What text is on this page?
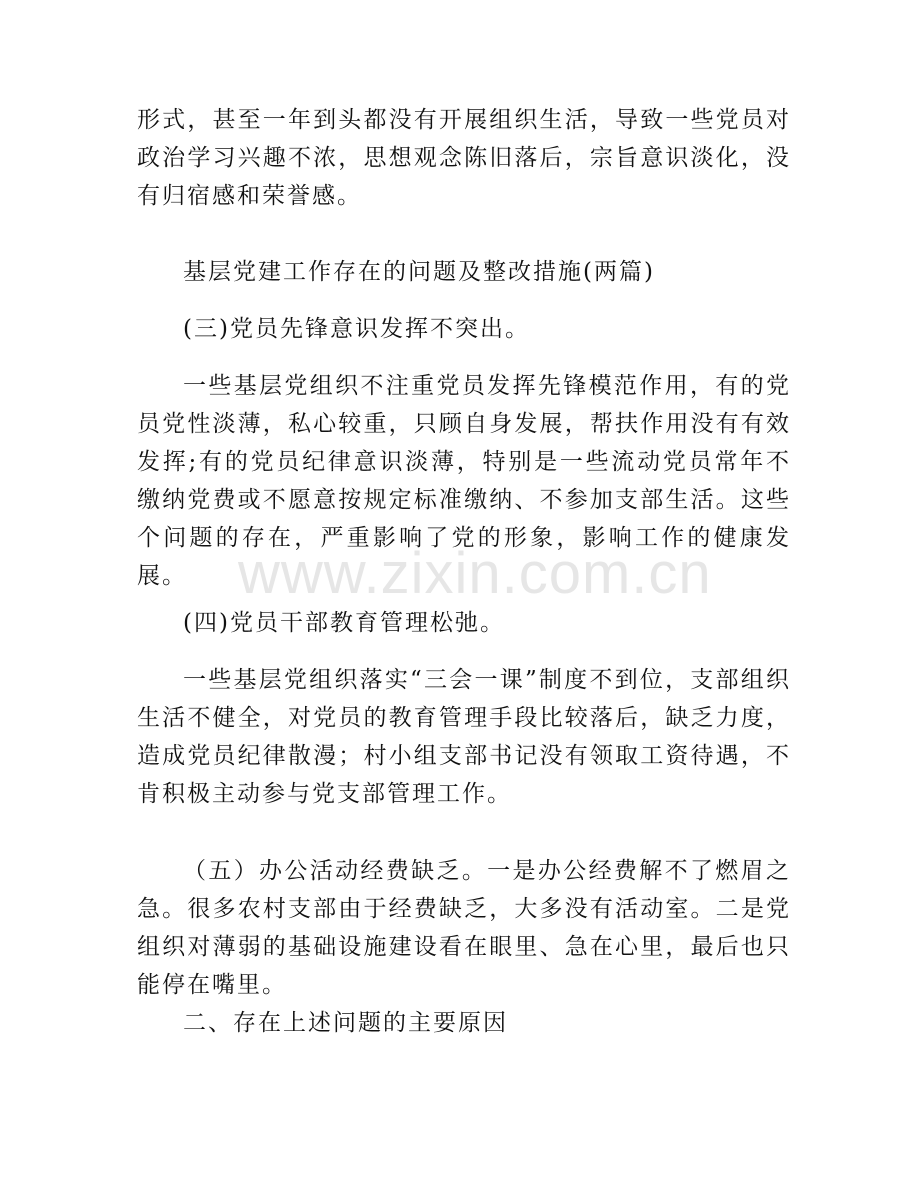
形式，甚至一年到头都没有开展组织生活，导致一些党员对政治学习兴趣不浓，思想观念陈旧落后，宗旨意识淡化，没有归宿感和荣誉感。

基层党建工作存在的问题及整改措施(两篇)

(三)党员先锋意识发挥不突出。

一些基层党组织不注重党员发挥先锋模范作用，有的党员党性淡薄，私心较重，只顾自身发展，帮扶作用没有有效发挥;有的党员纪律意识淡薄，特别是一些流动党员常年不缴纳党费或不愿意按规定标准缴纳、不参加支部生活。这些个问题的存在，严重影响了党的形象，影响工作的健康发展。

(四)党员干部教育管理松弛。

一些基层党组织落实“三会一课”制度不到位，支部组织生活不健全，对党员的教育管理手段比较落后，缺乏力度，造成党员纪律散漫；村小组支部书记没有领取工资待遇，不肯积极主动参与党支部管理工作。

（五）办公活动经费缺乏。一是办公经费解不了燃眉之急。很多农村支部由于经费缺乏，大多没有活动室。二是党组织对薄弱的基础设施建设看在眼里、急在心里，最后也只能停在嘴里。

二、存在上述问题的主要原因

www.zixin.com.cn
